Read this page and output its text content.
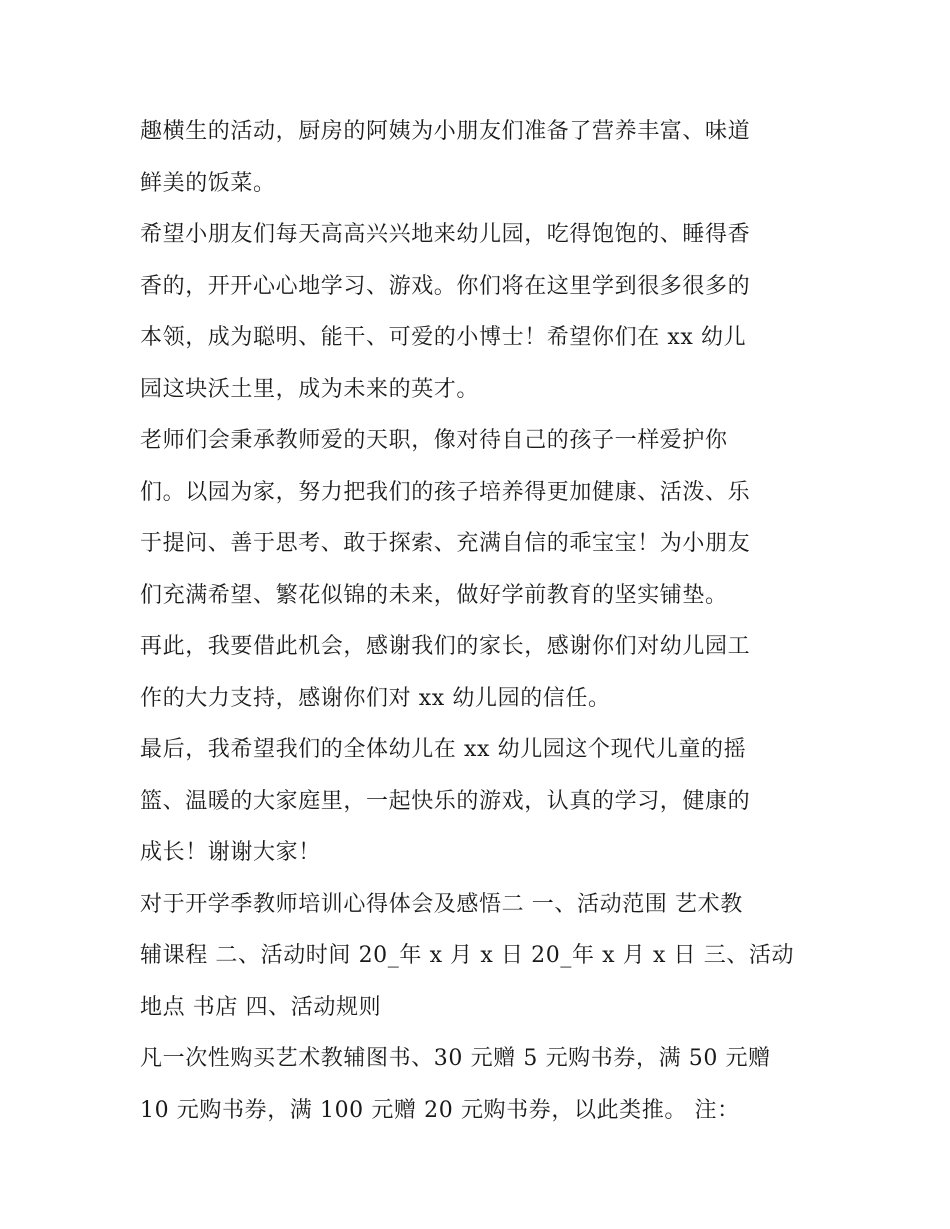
趣横生的活动，厨房的阿姨为小朋友们准备了营养丰富、味道
鲜美的饭菜。
希望小朋友们每天高高兴兴地来幼儿园，吃得饱饱的、睡得香
香的，开开心心地学习、游戏。你们将在这里学到很多很多的
本领，成为聪明、能干、可爱的小博士！希望你们在 xx 幼儿
园这块沃土里，成为未来的英才。
老师们会秉承教师爱的天职，像对待自己的孩子一样爱护你
们。以园为家，努力把我们的孩子培养得更加健康、活泼、乐
于提问、善于思考、敢于探索、充满自信的乖宝宝！为小朋友
们充满希望、繁花似锦的未来，做好学前教育的坚实铺垫。
再此，我要借此机会，感谢我们的家长，感谢你们对幼儿园工
作的大力支持，感谢你们对 xx 幼儿园的信任。
最后，我希望我们的全体幼儿在 xx 幼儿园这个现代儿童的摇
篮、温暖的大家庭里，一起快乐的游戏，认真的学习，健康的
成长！谢谢大家！
对于开学季教师培训心得体会及感悟二 一、活动范围 艺术教
辅课程 二、活动时间 20_年 x 月 x 日 20_年 x 月 x 日 三、活动
地点 书店 四、活动规则
凡一次性购买艺术教辅图书、30 元赠 5 元购书券，满 50 元赠
10 元购书券，满 100 元赠 20 元购书券，以此类推。 注：
